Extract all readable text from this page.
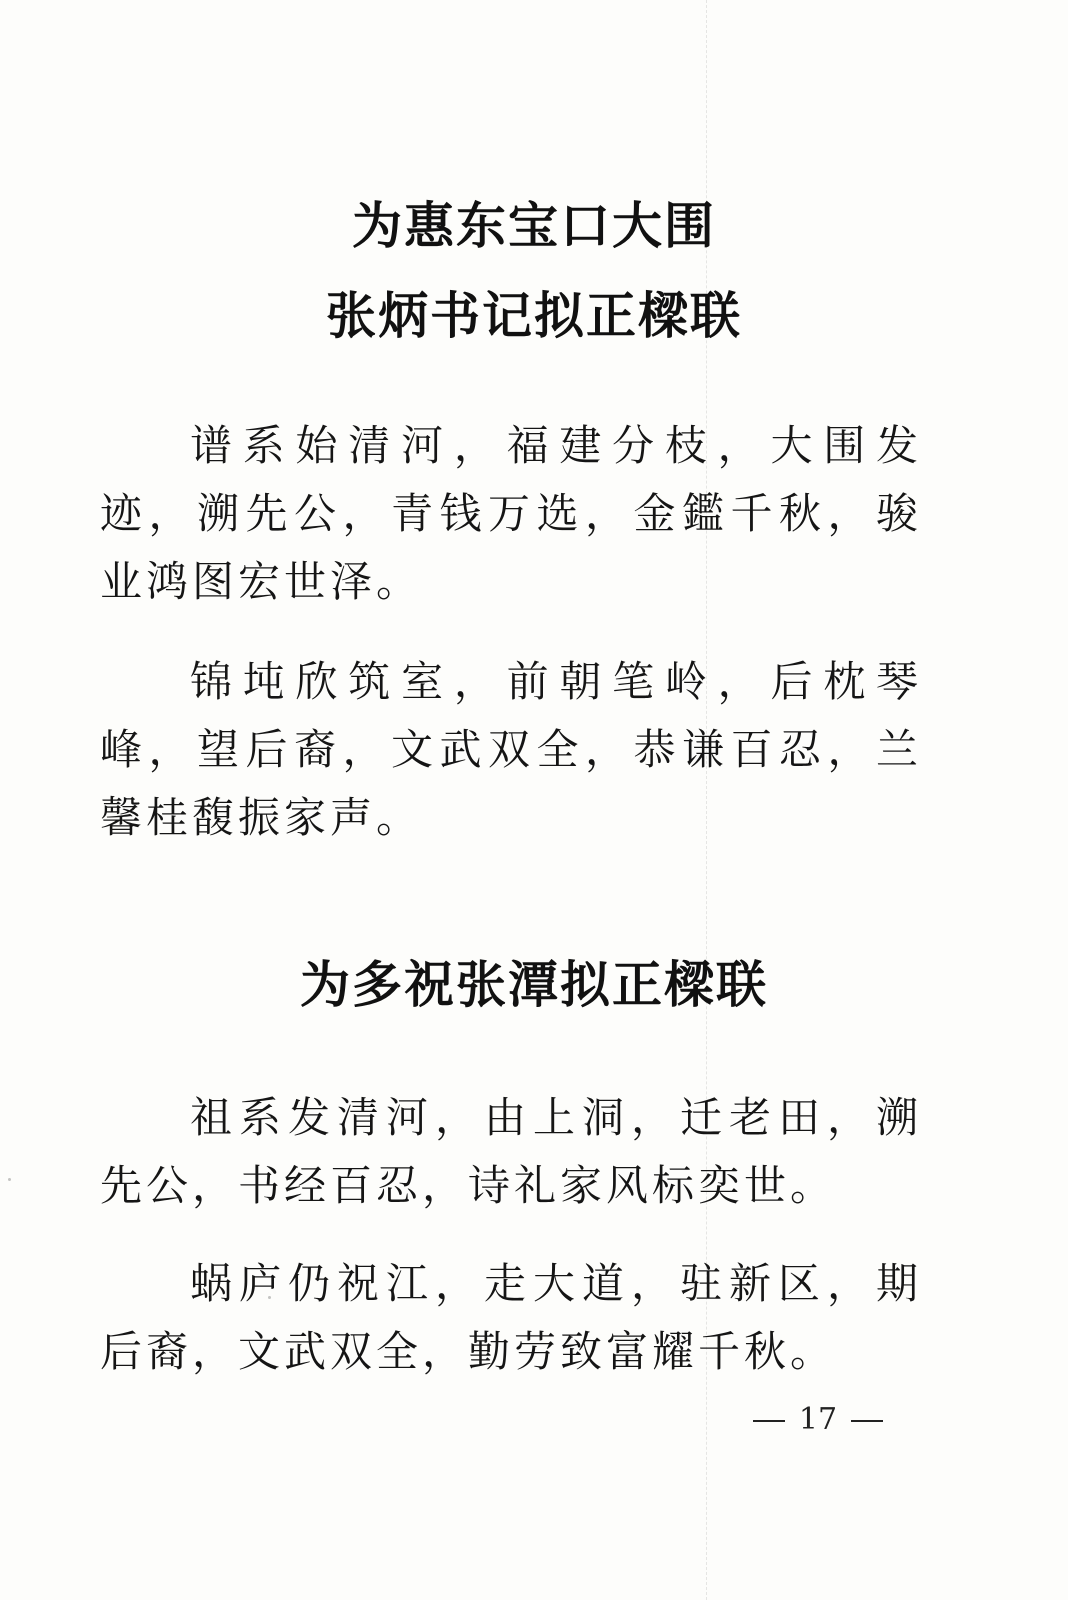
为惠东宝口大围
张炳书记拟正樑联

谱系始清河，福建分枝，大围发迹，溯先公，青钱万选，金鑑千秋，骏业鸿图宏世泽。

锦坉欣筑室，前朝笔岭，后枕琴峰，望后裔，文武双全，恭谦百忍，兰馨桂馥振家声。

为多祝张潭拟正樑联

祖系发清河，由上洞，迁老田，溯先公，书经百忍，诗礼家风标奕世。

蜗庐仍祝江，走大道，驻新区，期后裔，文武双全，勤劳致富耀千秋。

17
